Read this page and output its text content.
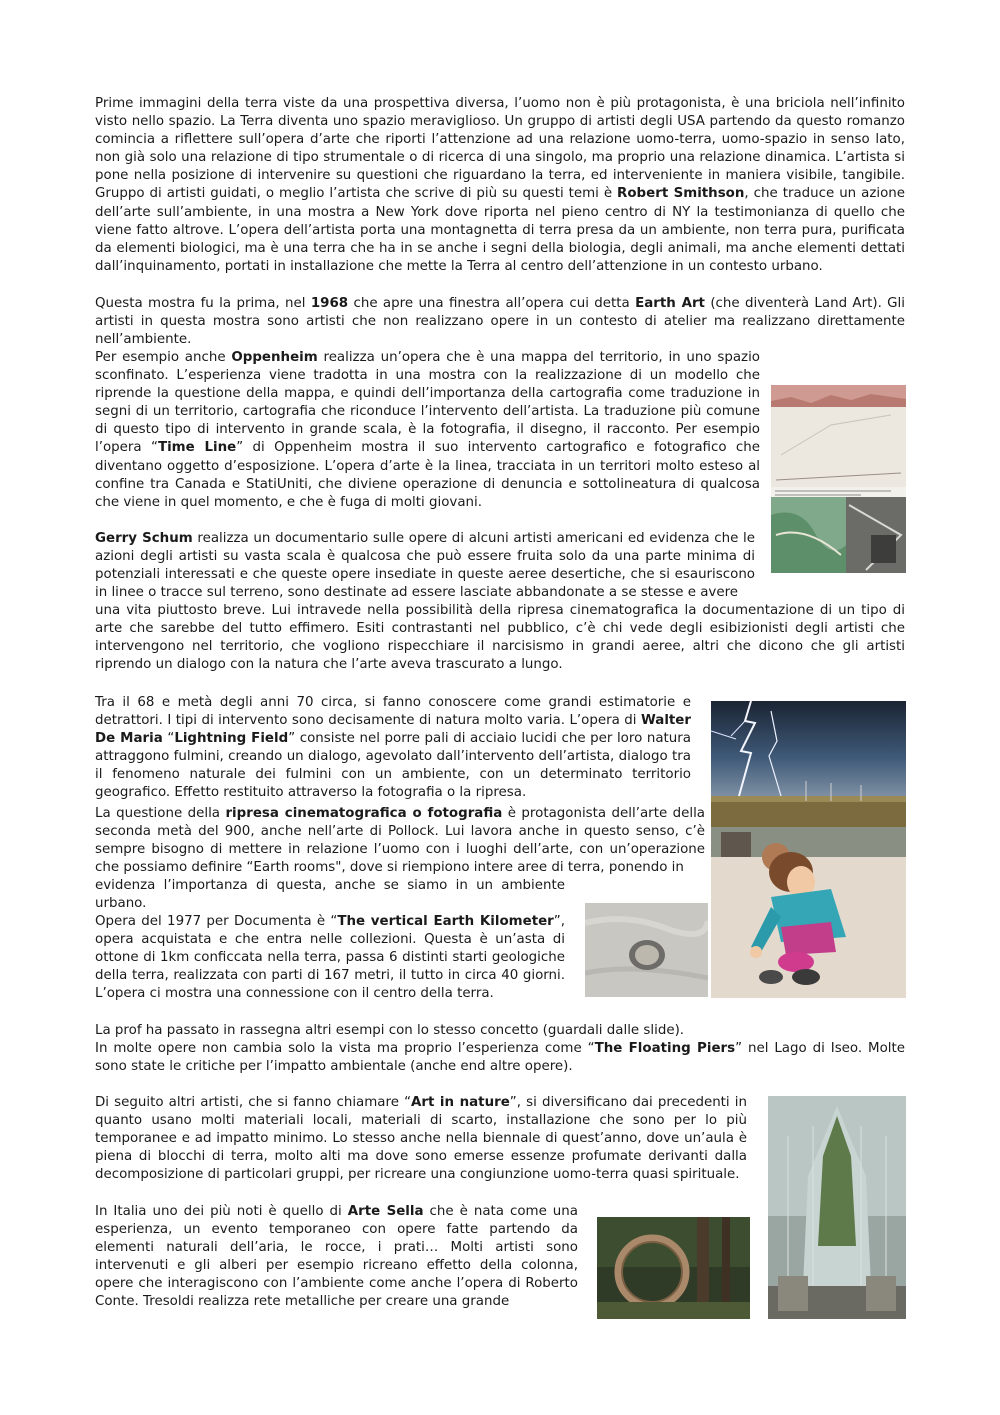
Prime immagini della terra viste da una prospettiva diversa, l’uomo non è più protagonista, è una briciola nell’infinito visto nello spazio. La Terra diventa uno spazio meraviglioso. Un gruppo di artisti degli USA partendo da questo romanzo comincia a riflettere sull’opera d’arte che riporti l’attenzione ad una relazione uomo-terra, uomo-spazio in senso lato, non già solo una relazione di tipo strumentale o di ricerca di una singolo, ma proprio una relazione dinamica. L’artista si pone nella posizione di intervenire su questioni che riguardano la terra, ed interveniente in maniera visibile, tangibile. Gruppo di artisti guidati, o meglio l’artista che scrive di più su questi temi è Robert Smithson, che traduce un azione dell’arte sull’ambiente, in una mostra a New York dove riporta nel pieno centro di NY la testimonianza di quello che viene fatto altrove. L’opera dell’artista porta una montagnetta di terra presa da un ambiente, non terra pura, purificata da elementi biologici, ma è una terra che ha in se anche i segni della biologia, degli animali, ma anche elementi dettati dall’inquinamento, portati in installazione che mette la Terra al centro dell’attenzione in un contesto urbano.
Questa mostra fu la prima, nel 1968 che apre una finestra all’opera cui detta Earth Art (che diventerà Land Art). Gli artisti in questa mostra sono artisti che non realizzano opere in un contesto di atelier ma realizzano direttamente nell’ambiente.
Per esempio anche Oppenheim realizza un’opera che è una mappa del territorio, in uno spazio sconfinato. L’esperienza viene tradotta in una mostra con la realizzazione di un modello che riprende la questione della mappa, e quindi dell’importanza della cartografia come traduzione in segni di un territorio, cartografia che riconduce l’intervento dell’artista. La traduzione più comune di questo tipo di intervento in grande scala, è la fotografia, il disegno, il racconto. Per esempio l’opera “Time Line” di Oppenheim mostra il suo intervento cartografico e fotografico che diventano oggetto d’esposizione. L’opera d’arte è la linea, tracciata in un territori molto esteso al confine tra Canada e StatiUniti, che diviene operazione di denuncia e sottolineatura di qualcosa che viene in quel momento, e che è fuga di molti giovani.
Gerry Schum realizza un documentario sulle opere di alcuni artisti americani ed evidenza che le azioni degli artisti su vasta scala è qualcosa che può essere fruita solo da una parte minima di potenziali interessati e che queste opere insediate in queste aeree desertiche, che si esauriscono in linee o tracce sul terreno, sono destinate ad essere lasciate abbandonate a se stesse e avere
una vita piuttosto breve. Lui intravede nella possibilità della ripresa cinematografica la documentazione di un tipo di arte che sarebbe del tutto effimero. Esiti contrastanti nel pubblico, c’è chi vede degli esibizionisti degli artisti che intervengono nel territorio, che vogliono rispecchiare il narcisismo in grandi aeree, altri che dicono che gli artisti riprendo un dialogo con la natura che l’arte aveva trascurato a lungo.
Tra il 68 e metà degli anni 70 circa, si fanno conoscere come grandi estimatorie e detrattori. I tipi di intervento sono decisamente di natura molto varia. L’opera di Walter De Maria “Lightning Field” consiste nel porre pali di acciaio lucidi che per loro natura attraggono fulmini, creando un dialogo, agevolato dall’intervento dell’artista, dialogo tra il fenomeno naturale dei fulmini con un ambiente, con un determinato territorio geografico. Effetto restituito attraverso la fotografia o la ripresa.
La questione della ripresa cinematografica o fotografia è protagonista dell’arte della seconda metà del 900, anche nell’arte di Pollock. Lui lavora anche in questo senso, c’è sempre bisogno di mettere in relazione l’uomo con i luoghi dell’arte, con un’operazione che possiamo definire “Earth rooms", dove si riempiono intere aree di terra, ponendo in
evidenza l’importanza di questa, anche se siamo in un ambiente urbano.
Opera del 1977 per Documenta è “The vertical Earth Kilometer”, opera acquistata e che entra nelle collezioni. Questa è un’asta di ottone di 1km conficcata nella terra, passa 6 distinti starti geologiche della terra, realizzata con parti di 167 metri, il tutto in circa 40 giorni. L’opera ci mostra una connessione con il centro della terra.
La prof ha passato in rassegna altri esempi con lo stesso concetto (guardali dalle slide).
In molte opere non cambia solo la vista ma proprio l’esperienza come “The Floating Piers” nel Lago di Iseo. Molte sono state le critiche per l’impatto ambientale (anche end altre opere).
Di seguito altri artisti, che si fanno chiamare “Art in nature”, si diversificano dai precedenti in quanto usano molti materiali locali, materiali di scarto, installazione che sono per lo più temporanee e ad impatto minimo. Lo stesso anche nella biennale di quest’anno, dove un’aula è piena di blocchi di terra, molto alti ma dove sono emerse essenze profumate derivanti dalla decomposizione di particolari gruppi, per ricreare una congiunzione uomo-terra quasi spirituale.
In Italia uno dei più noti è quello di Arte Sella che è nata come una esperienza, un evento temporaneo con opere fatte partendo da elementi naturali dell’aria, le rocce, i prati… Molti artisti sono intervenuti e gli alberi per esempio ricreano effetto della colonna, opere che interagiscono con l’ambiente come anche l’opera di Roberto Conte. Tresoldi realizza rete metalliche per creare una grande
